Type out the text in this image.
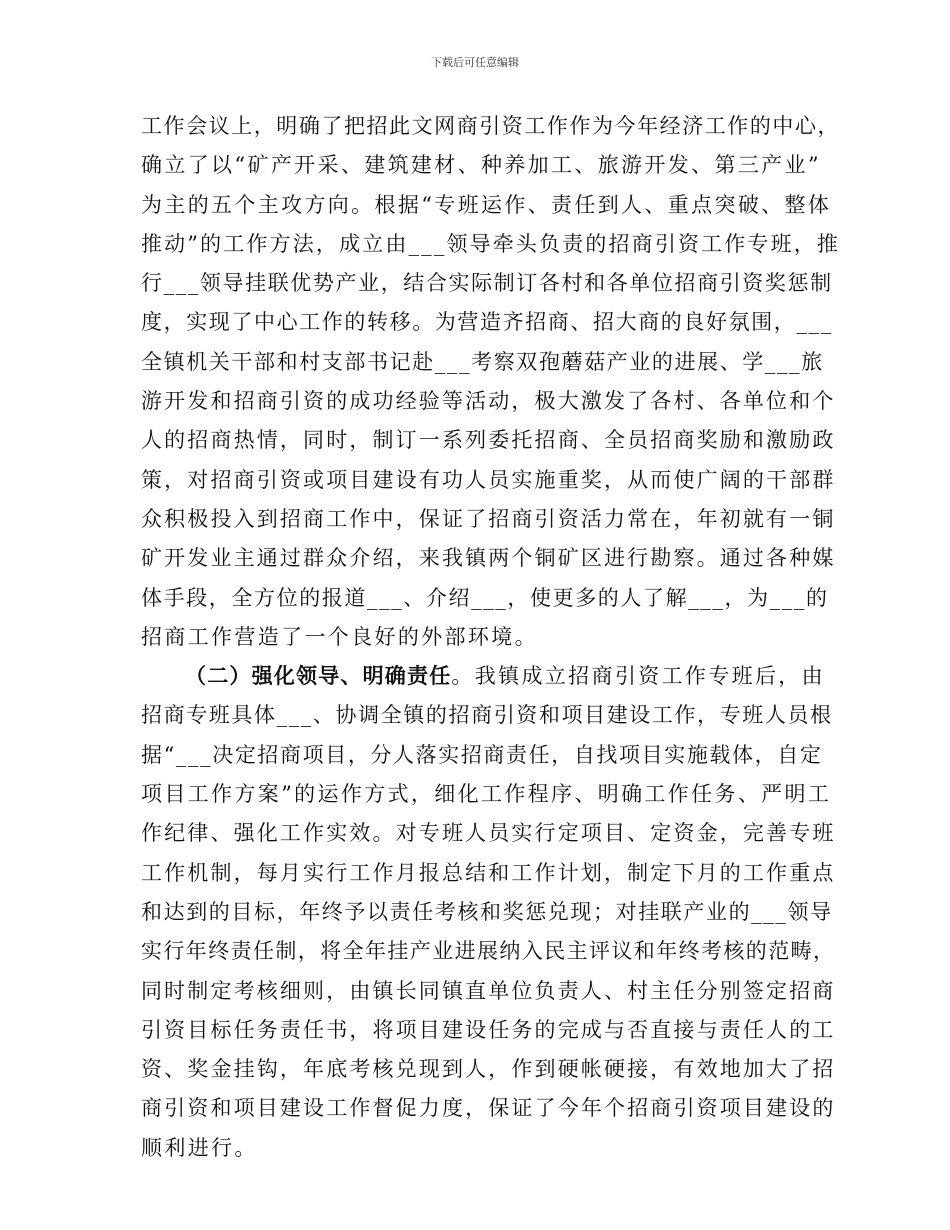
下载后可任意编辑
工作会议上，明确了把招此文网商引资工作作为今年经济工作的中心，
确立了以“矿产开采、建筑建材、种养加工、旅游开发、第三产业”
为主的五个主攻方向。根据“专班运作、责任到人、重点突破、整体
推动”的工作方法，成立由___领导牵头负责的招商引资工作专班，推
行___领导挂联优势产业，结合实际制订各村和各单位招商引资奖惩制
度，实现了中心工作的转移。为营造齐招商、招大商的良好氛围，___
全镇机关干部和村支部书记赴___考察双孢蘑菇产业的进展、学___旅
游开发和招商引资的成功经验等活动，极大激发了各村、各单位和个
人的招商热情，同时，制订一系列委托招商、全员招商奖励和激励政
策，对招商引资或项目建设有功人员实施重奖，从而使广阔的干部群
众积极投入到招商工作中，保证了招商引资活力常在，年初就有一铜
矿开发业主通过群众介绍，来我镇两个铜矿区进行勘察。通过各种媒
体手段，全方位的报道___、介绍___，使更多的人了解___，为___的
招商工作营造了一个良好的外部环境。
（二）强化领导、明确责任。我镇成立招商引资工作专班后，由
招商专班具体___、协调全镇的招商引资和项目建设工作，专班人员根
据“___决定招商项目，分人落实招商责任，自找项目实施载体，自定
项目工作方案”的运作方式，细化工作程序、明确工作任务、严明工
作纪律、强化工作实效。对专班人员实行定项目、定资金，完善专班
工作机制，每月实行工作月报总结和工作计划，制定下月的工作重点
和达到的目标，年终予以责任考核和奖惩兑现；对挂联产业的___领导
实行年终责任制，将全年挂产业进展纳入民主评议和年终考核的范畴，
同时制定考核细则，由镇长同镇直单位负责人、村主任分别签定招商
引资目标任务责任书，将项目建设任务的完成与否直接与责任人的工
资、奖金挂钩，年底考核兑现到人，作到硬帐硬接，有效地加大了招
商引资和项目建设工作督促力度，保证了今年个招商引资项目建设的
顺利进行。
